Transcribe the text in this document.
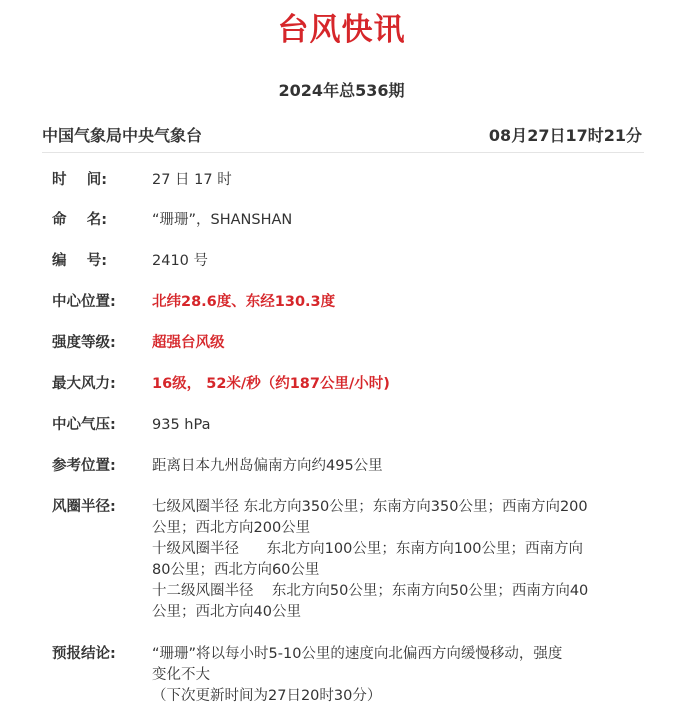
台风快讯
2024年总536期
中国气象局中央气象台	08月27日17时21分
时    间:	27 日 17 时
命    名:	“珊珊”，SHANSHAN
编    号:	2410 号
中心位置:	北纬28.6度、东经130.3度
强度等级:	超强台风级
最大风力:	16级， 52米/秒（约187公里/小时)
中心气压:	935 hPa
参考位置:	距离日本九州岛偏南方向约495公里
风圈半径:	七级风圈半径 东北方向350公里；东南方向350公里；西南方向200
公里；西北方向200公里
十级风圈半径      东北方向100公里；东南方向100公里；西南方向
80公里；西北方向60公里
十二级风圈半径    东北方向50公里；东南方向50公里；西南方向40
公里；西北方向40公里
预报结论:	“珊珊”将以每小时5-10公里的速度向北偏西方向缓慢移动，强度
变化不大
（下次更新时间为27日20时30分）
